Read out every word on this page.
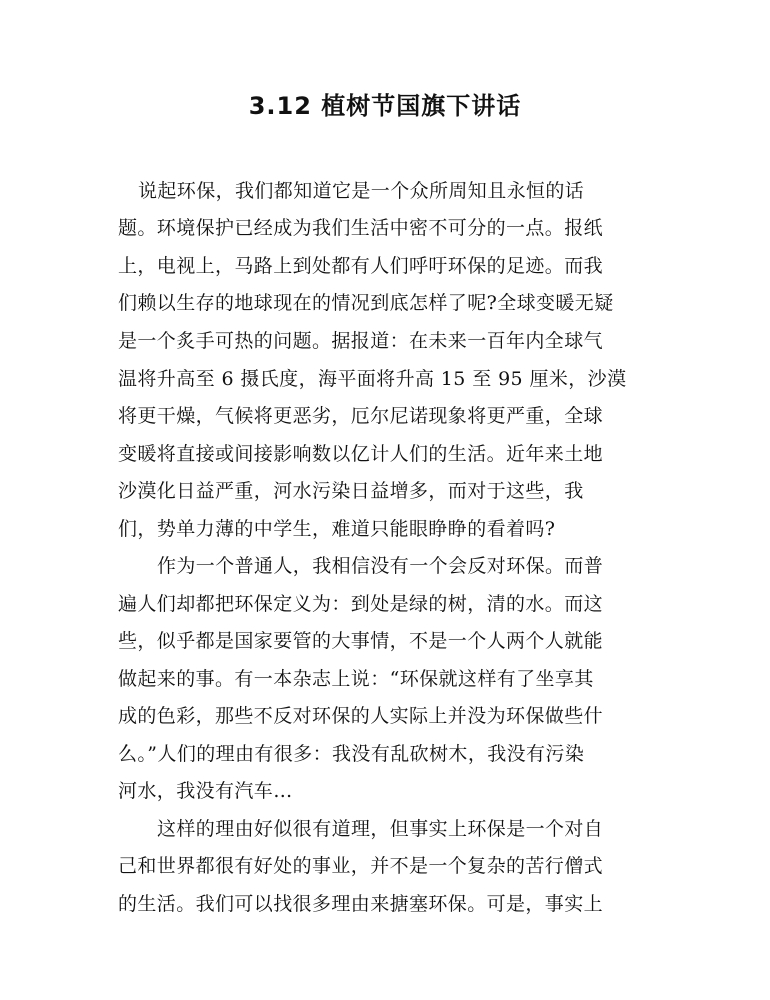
3.12 植树节国旗下讲话

说起环保，我们都知道它是一个众所周知且永恒的话

题。环境保护已经成为我们生活中密不可分的一点。报纸

上，电视上，马路上到处都有人们呼吁环保的足迹。而我

们赖以生存的地球现在的情况到底怎样了呢?全球变暖无疑

是一个炙手可热的问题。据报道：在未来一百年内全球气

温将升高至 6 摄氏度，海平面将升高 15 至 95 厘米，沙漠

将更干燥，气候将更恶劣，厄尔尼诺现象将更严重，全球

变暖将直接或间接影响数以亿计人们的生活。近年来土地

沙漠化日益严重，河水污染日益增多，而对于这些，我

们，势单力薄的中学生，难道只能眼睁睁的看着吗?

作为一个普通人，我相信没有一个会反对环保。而普

遍人们却都把环保定义为：到处是绿的树，清的水。而这

些，似乎都是国家要管的大事情，不是一个人两个人就能

做起来的事。有一本杂志上说：“环保就这样有了坐享其

成的色彩，那些不反对环保的人实际上并没为环保做些什

么。”人们的理由有很多：我没有乱砍树木，我没有污染

河水，我没有汽车…

这样的理由好似很有道理，但事实上环保是一个对自

己和世界都很有好处的事业，并不是一个复杂的苦行僧式

的生活。我们可以找很多理由来搪塞环保。可是，事实上
